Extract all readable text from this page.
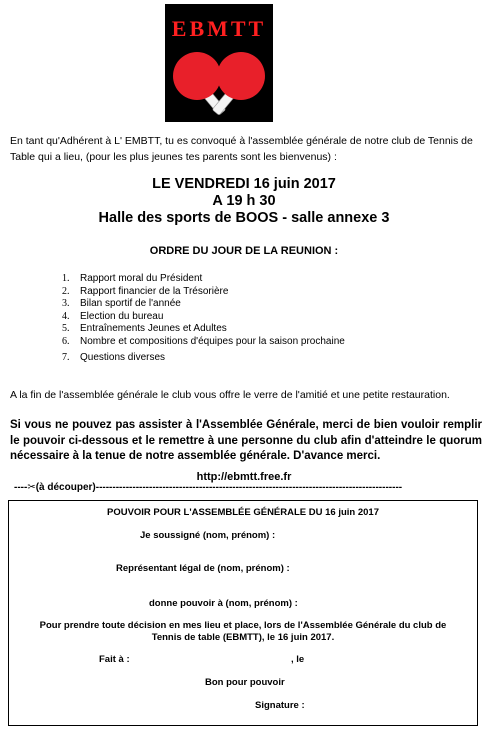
EBMTT
En tant qu'Adhérent à L' EMBTT, tu es convoqué à l'assemblée générale de notre club de Tennis de Table qui a lieu, (pour les plus jeunes tes parents sont les bienvenus) :
LE VENDREDI 16 juin 2017
A 19 h 30
Halle des sports de BOOS - salle annexe 3
ORDRE DU JOUR DE LA REUNION :
1. Rapport moral du Président
2. Rapport financier de la Trésorière
3. Bilan sportif de l'année
4. Election du bureau
5. Entraînements Jeunes et Adultes
6. Nombre et compositions d'équipes pour la saison prochaine
7. Questions diverses
A la fin de l'assemblée générale le club vous offre le verre de l'amitié et une petite restauration.
Si vous ne pouvez pas assister à l'Assemblée Générale, merci de bien vouloir remplir le pouvoir ci-dessous et le remettre à une personne du club afin d'atteindre le quorum nécessaire à la tenue de notre assemblée générale. D'avance merci.
http://ebmtt.free.fr
----✂(à découper)--------------------------------------------------------------------------------------------
POUVOIR POUR L'ASSEMBLÉE GÉNÉRALE DU 16 juin 2017
Je soussigné (nom, prénom) :
Représentant légal de (nom, prénom) :
donne pouvoir à (nom, prénom) :
Pour prendre toute décision en mes lieu et place, lors de l'Assemblée Générale du club de
Tennis de table (EBMTT), le 16 juin 2017.
Fait à :	, le
Bon pour pouvoir
Signature :
